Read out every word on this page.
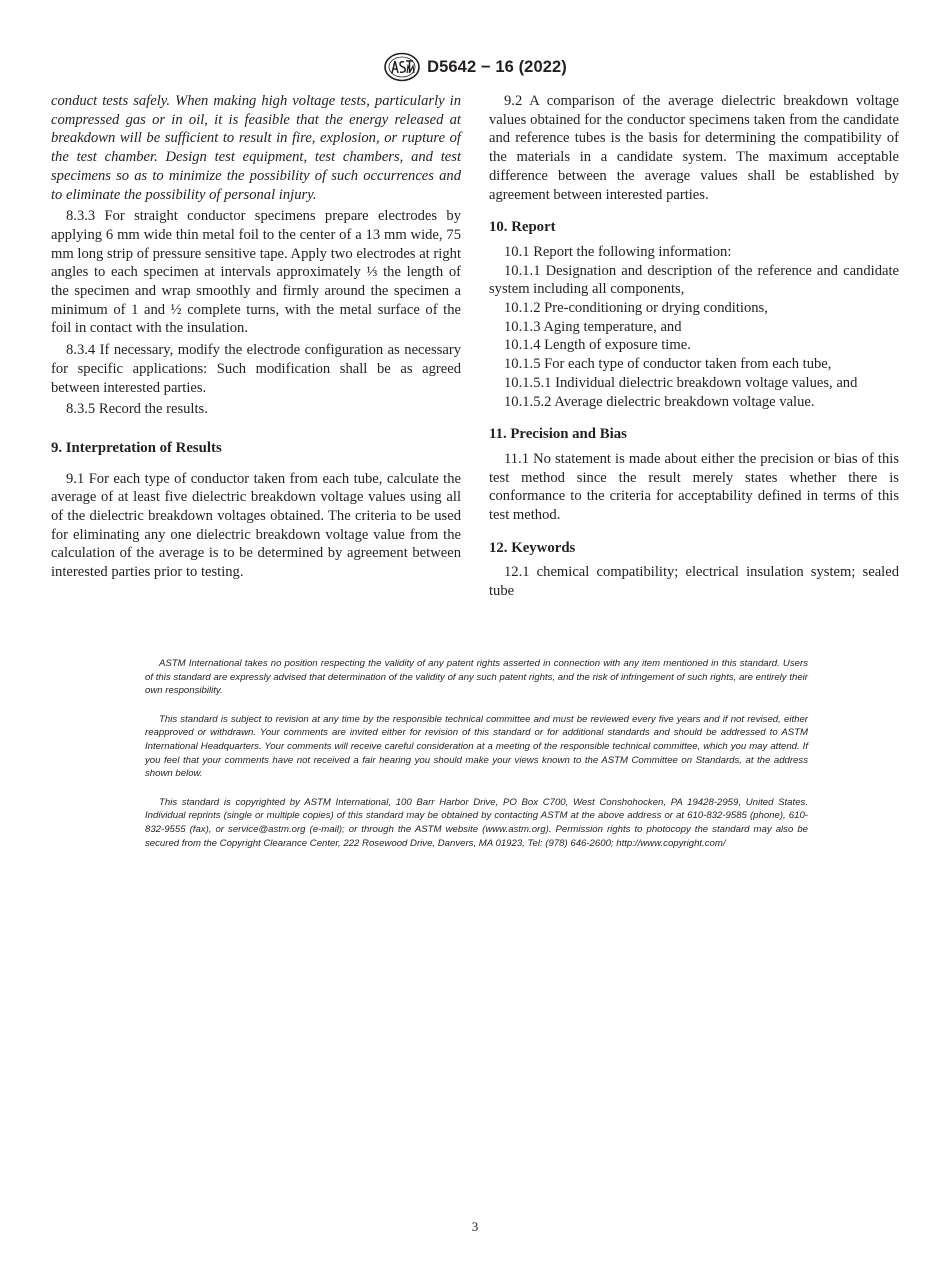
D5642 − 16 (2022)

conduct tests safely. When making high voltage tests, particularly in compressed gas or in oil, it is feasible that the energy released at breakdown will be sufficient to result in fire, explosion, or rupture of the test chamber. Design test equipment, test chambers, and test specimens so as to minimize the possibility of such occurrences and to eliminate the possibility of personal injury.

8.3.3 For straight conductor specimens prepare electrodes by applying 6 mm wide thin metal foil to the center of a 13 mm wide, 75 mm long strip of pressure sensitive tape. Apply two electrodes at right angles to each specimen at intervals approximately ⅓ the length of the specimen and wrap smoothly and firmly around the specimen a minimum of 1 and ½ complete turns, with the metal surface of the foil in contact with the insulation.

8.3.4 If necessary, modify the electrode configuration as necessary for specific applications: Such modification shall be as agreed between interested parties.

8.3.5 Record the results.

9. Interpretation of Results

9.1 For each type of conductor taken from each tube, calculate the average of at least five dielectric breakdown voltage values using all of the dielectric breakdown voltages obtained. The criteria to be used for eliminating any one dielectric breakdown voltage value from the calculation of the average is to be determined by agreement between interested parties prior to testing.

9.2 A comparison of the average dielectric breakdown voltage values obtained for the conductor specimens taken from the candidate and reference tubes is the basis for determining the compatibility of the materials in a candidate system. The maximum acceptable difference between the average values shall be established by agreement between interested parties.

10. Report

10.1 Report the following information:

10.1.1 Designation and description of the reference and candidate system including all components,

10.1.2 Pre-conditioning or drying conditions,

10.1.3 Aging temperature, and

10.1.4 Length of exposure time.

10.1.5 For each type of conductor taken from each tube,

10.1.5.1 Individual dielectric breakdown voltage values, and

10.1.5.2 Average dielectric breakdown voltage value.

11. Precision and Bias

11.1 No statement is made about either the precision or bias of this test method since the result merely states whether there is conformance to the criteria for acceptability defined in terms of this test method.

12. Keywords

12.1 chemical compatibility; electrical insulation system; sealed tube

ASTM International takes no position respecting the validity of any patent rights asserted in connection with any item mentioned in this standard. Users of this standard are expressly advised that determination of the validity of any such patent rights, and the risk of infringement of such rights, are entirely their own responsibility.

This standard is subject to revision at any time by the responsible technical committee and must be reviewed every five years and if not revised, either reapproved or withdrawn. Your comments are invited either for revision of this standard or for additional standards and should be addressed to ASTM International Headquarters. Your comments will receive careful consideration at a meeting of the responsible technical committee, which you may attend. If you feel that your comments have not received a fair hearing you should make your views known to the ASTM Committee on Standards, at the address shown below.

This standard is copyrighted by ASTM International, 100 Barr Harbor Drive, PO Box C700, West Conshohocken, PA 19428-2959, United States. Individual reprints (single or multiple copies) of this standard may be obtained by contacting ASTM at the above address or at 610-832-9585 (phone), 610-832-9555 (fax), or service@astm.org (e-mail); or through the ASTM website (www.astm.org). Permission rights to photocopy the standard may also be secured from the Copyright Clearance Center, 222 Rosewood Drive, Danvers, MA 01923, Tel: (978) 646-2600; http://www.copyright.com/

3
